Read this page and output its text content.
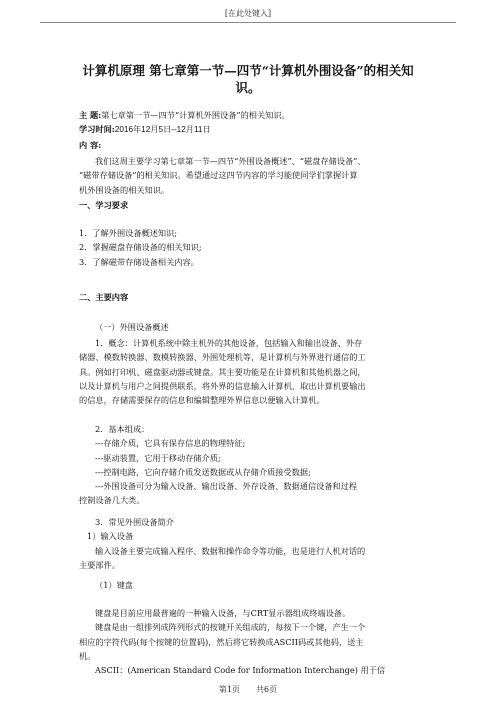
[在此处键入]
计算机原理 第七章第一节—四节“计算机外围设备”的相关知
识。
主 题:第七章第一节—四节“计算机外围设备”的相关知识。
学习时间:2016年12月5日--12月11日
内 容:
我们这周主要学习第七章第一节—四节“外围设备概述”、“磁盘存储设备”、
“磁带存储设备”的相关知识。希望通过这四节内容的学习能使同学们掌握计算
机外围设备的相关知识。
一、学习要求
1．了解外围设备概述知识;
2．掌握磁盘存储设备的相关知识;
3．了解磁带存储设备相关内容。
二、主要内容
（一）外围设备概述
1．概念：计算机系统中除主机外的其他设备，包括输入和输出设备、外存
储器、模数转换器、数模转换器、外围处理机等，是计算机与外界进行通信的工
具。例如打印机、磁盘驱动器或键盘。其主要功能是在计算机和其他机器之间，
以及计算机与用户之间提供联系，将外界的信息输入计算机，取出计算机要输出
的信息，存储需要保存的信息和编辑整理外界信息以便输入计算机。
2．基本组成：
---存储介质，它具有保存信息的物理特征;
---驱动装置，它用于移动存储介质;
---控制电路，它向存储介质发送数据或从存储介质接受数据;
---外围设备可分为输入设备、输出设备、外存设备、数据通信设备和过程
控制设备几大类。
3．常见外围设备简介
1）输入设备
输入设备主要完成输入程序、数据和操作命令等功能，也是进行人机对话的
主要部件。
（1）键盘
键盘是目前应用最普遍的一种输入设备，与CRT显示器组成终端设备。
键盘是由一组排列成阵列形式的按键开关组成的，每按下一个键，产生一个
相应的字符代码(每个按键的位置码)，然后将它转换成ASCII码或其他码，送主
机。
ASCII：(American Standard Code for Information Interchange) 用于信
第1页 共6页
